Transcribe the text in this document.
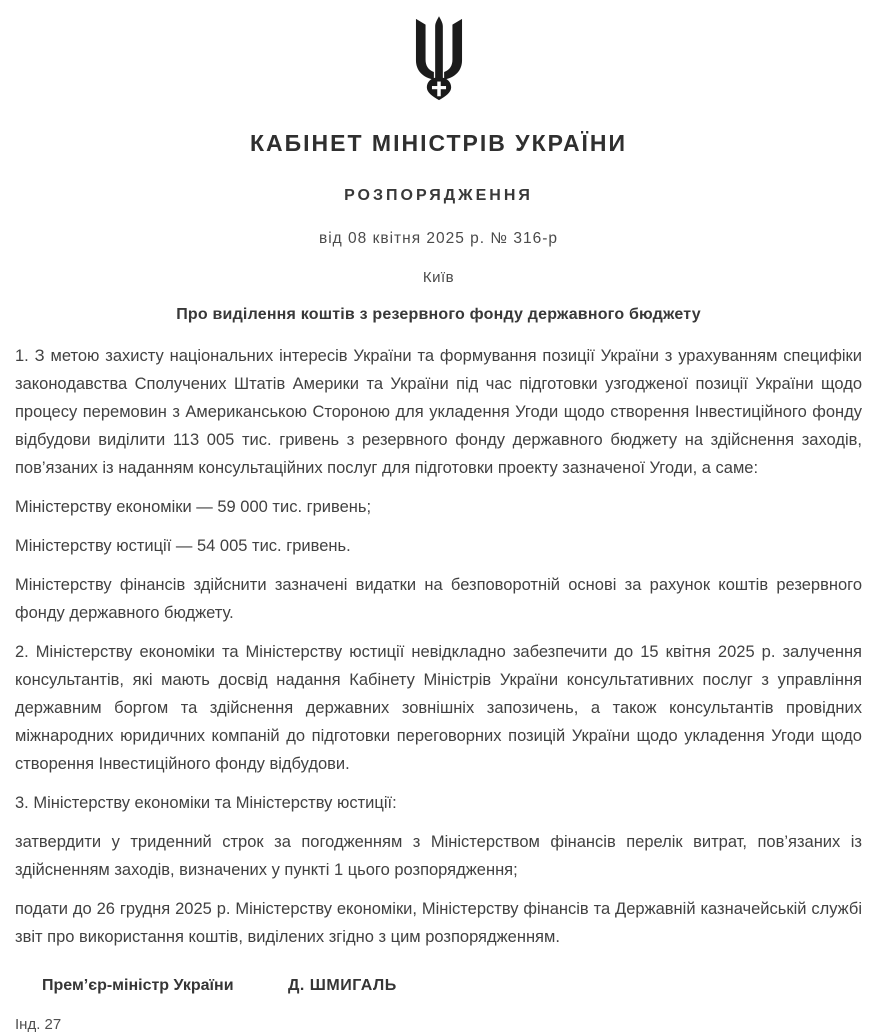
КАБІНЕТ МІНІСТРІВ УКРАЇНИ
РОЗПОРЯДЖЕННЯ
від 08 квітня 2025 р. № 316-р
Київ
Про виділення коштів з резервного фонду державного бюджету

1. З метою захисту національних інтересів України та формування позиції України з урахуванням специфіки законодавства Сполучених Штатів Америки та України під час підготовки узгодженої позиції України щодо процесу перемовин з Американською Стороною для укладення Угоди щодо створення Інвестиційного фонду відбудови виділити 113 005 тис. гривень з резервного фонду державного бюджету на здійснення заходів, пов’язаних із наданням консультаційних послуг для підготовки проекту зазначеної Угоди, а саме:

Міністерству економіки — 59 000 тис. гривень;

Міністерству юстиції — 54 005 тис. гривень.

Міністерству фінансів здійснити зазначені видатки на безповоротній основі за рахунок коштів резервного фонду державного бюджету.

2. Міністерству економіки та Міністерству юстиції невідкладно забезпечити до 15 квітня 2025 р. залучення консультантів, які мають досвід надання Кабінету Міністрів України консультативних послуг з управління державним боргом та здійснення державних зовнішніх запозичень, а також консультантів провідних міжнародних юридичних компаній до підготовки переговорних позицій України щодо укладення Угоди щодо створення Інвестиційного фонду відбудови.

3. Міністерству економіки та Міністерству юстиції:

затвердити у триденний строк за погодженням з Міністерством фінансів перелік витрат, пов’язаних із здійсненням заходів, визначених у пункті 1 цього розпорядження;

подати до 26 грудня 2025 р. Міністерству економіки, Міністерству фінансів та Державній казначейській службі звіт про використання коштів, виділених згідно з цим розпорядженням.

Прем’єр-міністр України	Д. ШМИГАЛЬ
Інд. 27
